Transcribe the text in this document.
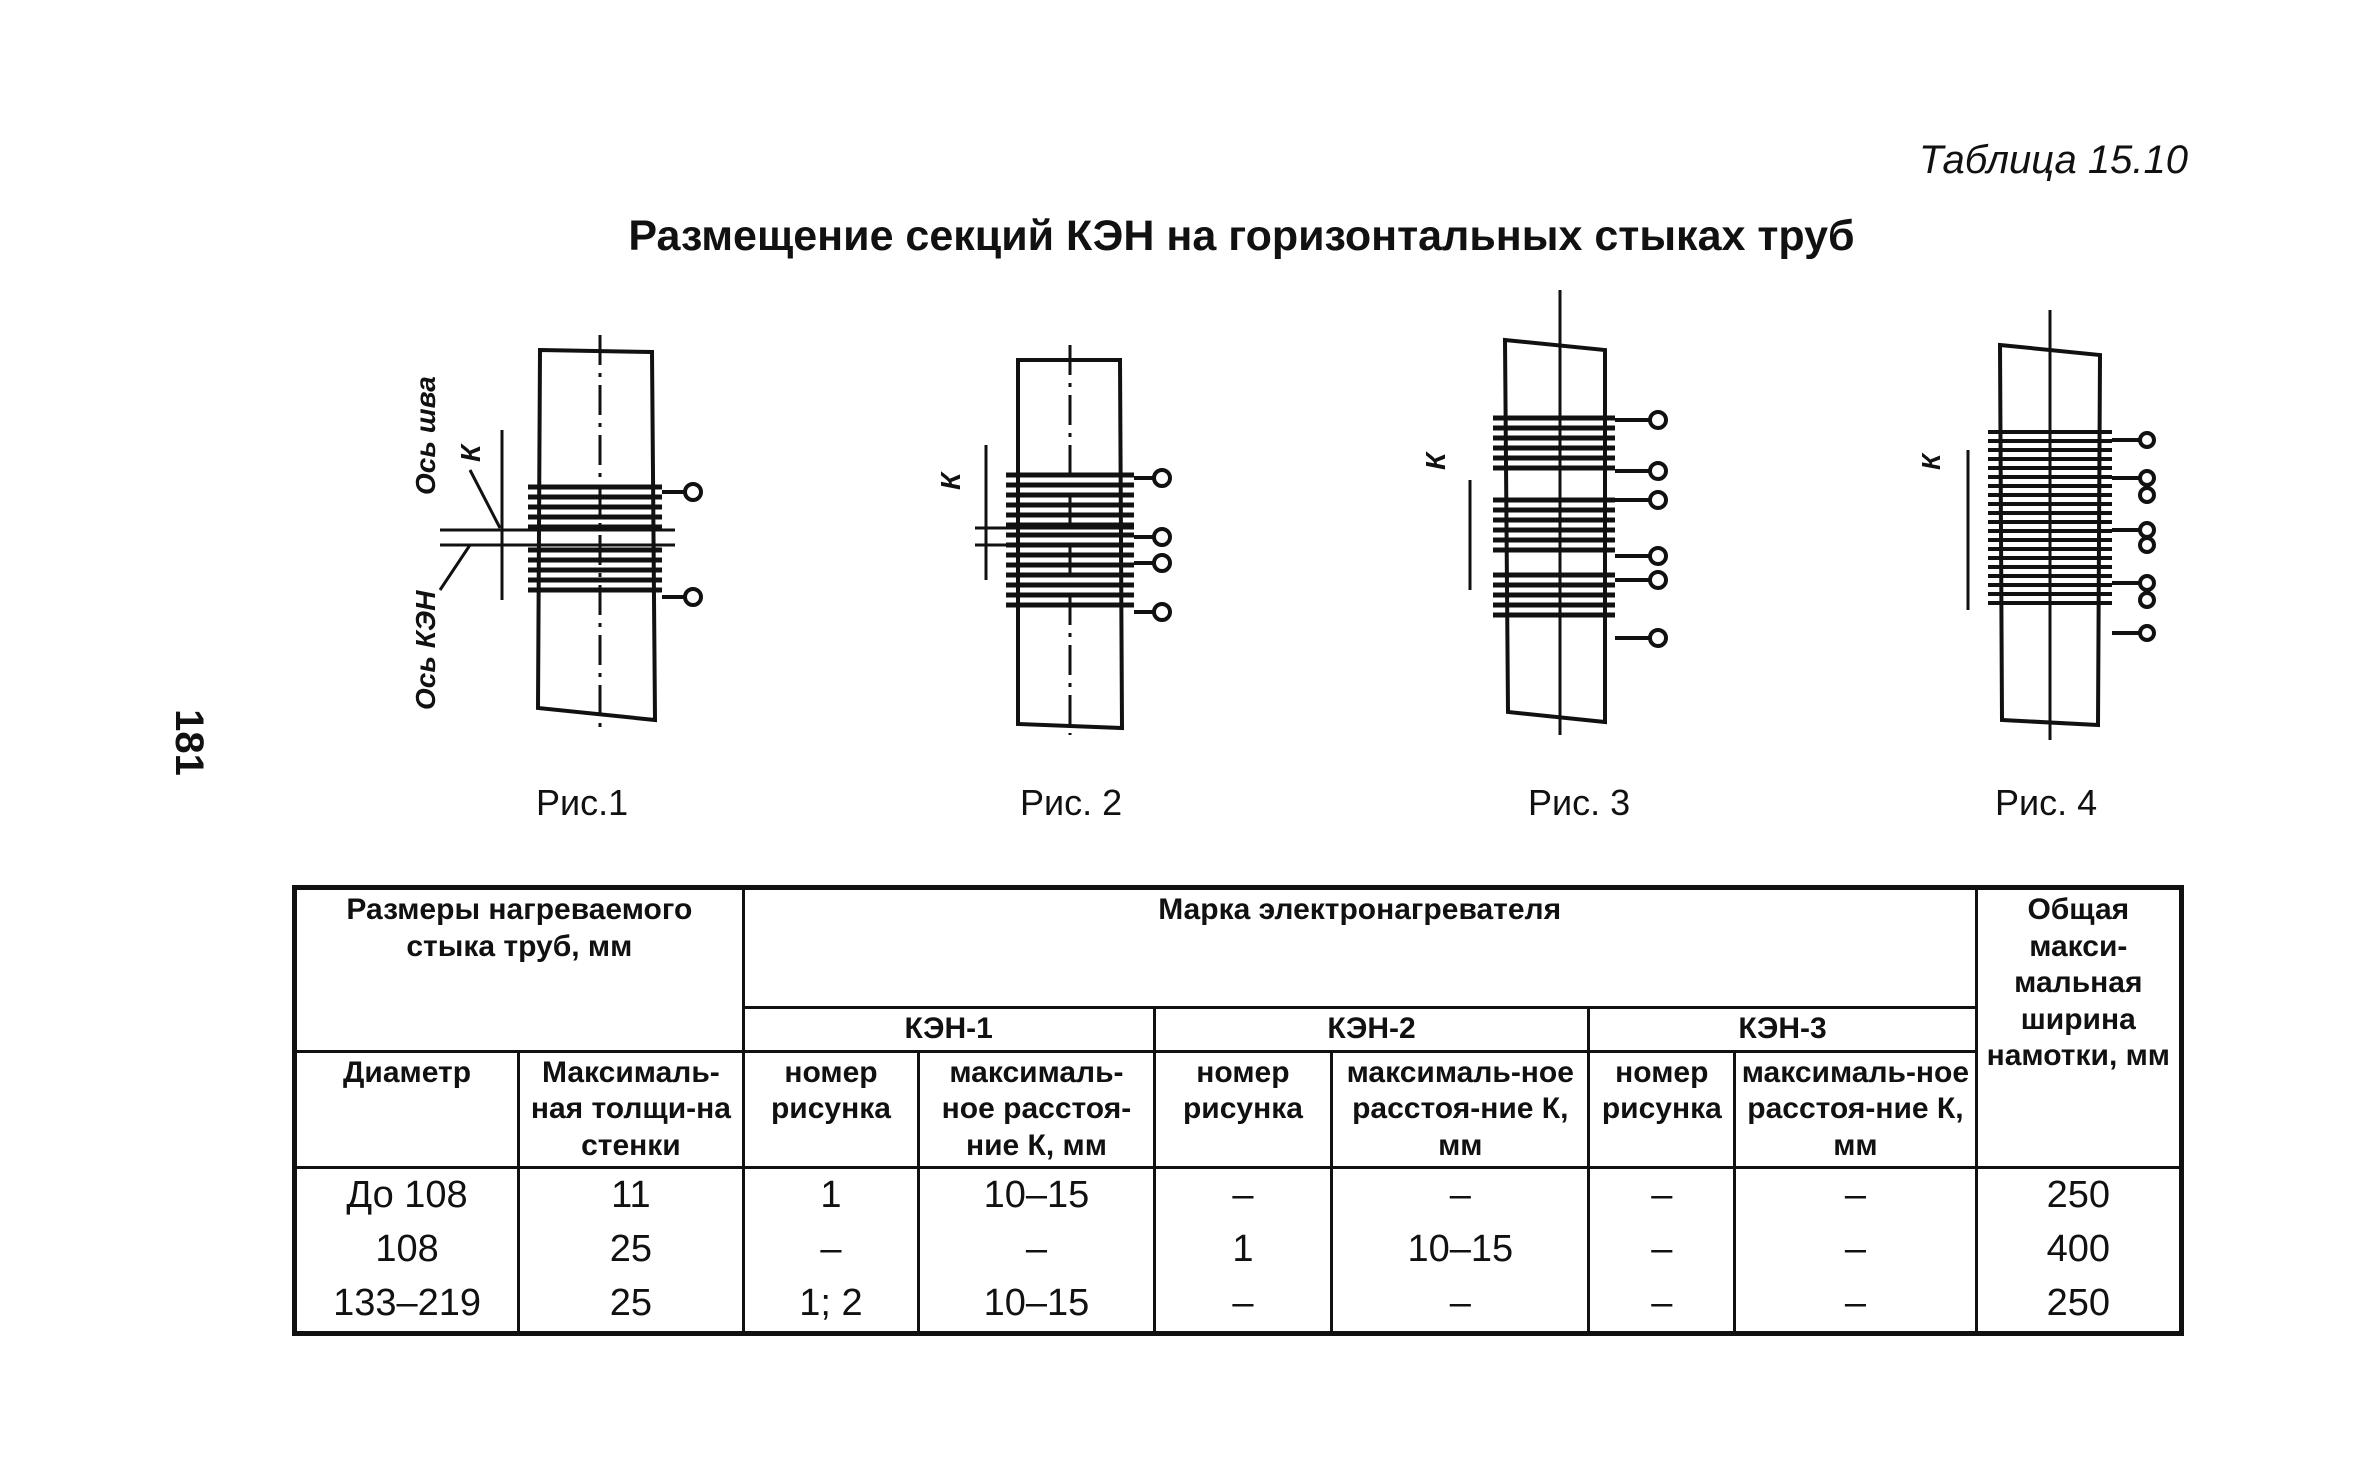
Таблица 15.10
Размещение секций КЭН на горизонтальных стыках труб
181
К
Ось шва
Ось КЭН
К
К	К
Рис.1	Рис. 2	Рис. 3	Рис. 4
Размеры нагреваемого стыка труб, мм		Марка электронагревателя						Общая макси-мальная ширина намотки, мм
		КЭН-1		КЭН-2		КЭН-3		
Диаметр	Максималь-ная толщи-на стенки	номер рисунка	максималь-ное расстоя-ние К, мм	номер рисунка	максималь-ное расстоя-ние К, мм	номер рисунка	максималь-ное расстоя-ние К, мм	
До 108	11	1	10–15	–	–	–	–	250
108	25	–	–	1	10–15	–	–	400
133–219	25	1; 2	10–15	–	–	–	–	250
